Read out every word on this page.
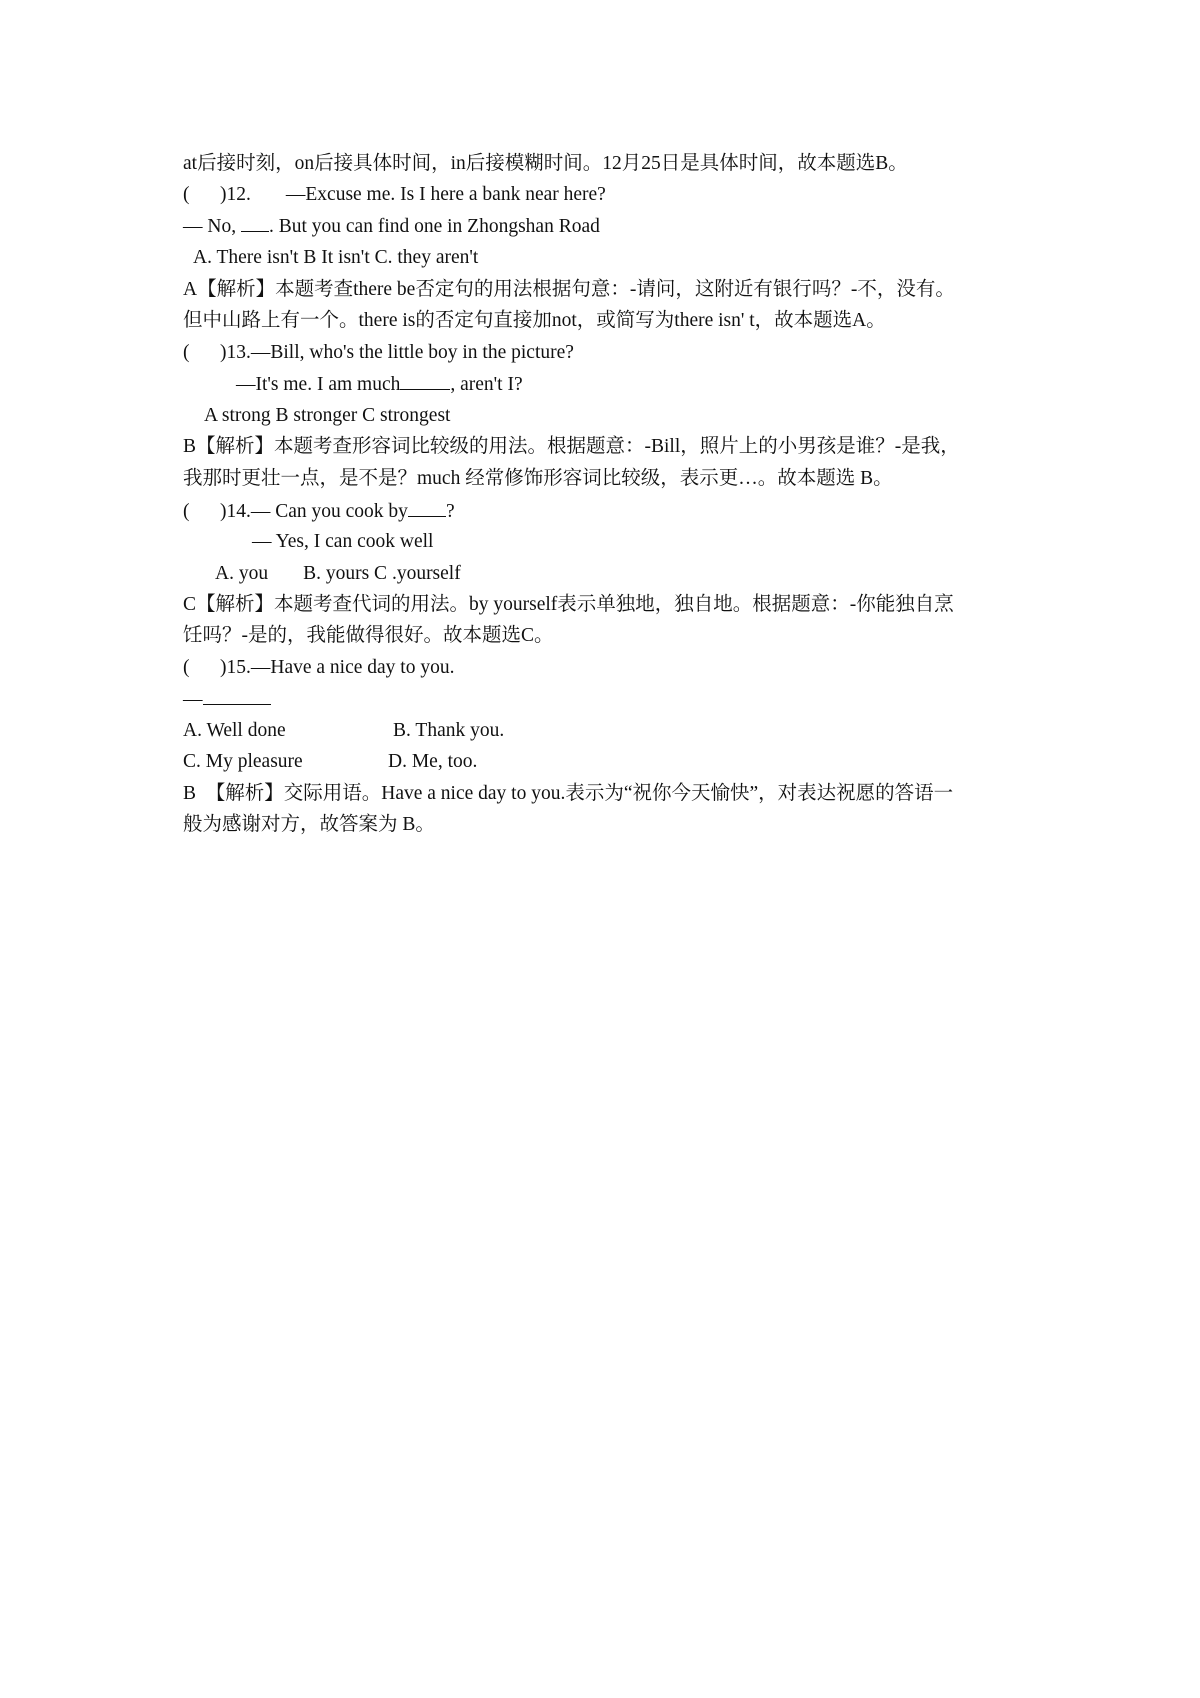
at后接时刻，on后接具体时间，in后接模糊时间。12月25日是具体时间，故本题选B。
( )12. —Excuse me. Is I here a bank near here?
— No, . But you can find one in Zhongshan Road
A. There isn't B It isn't C. they aren't
A【解析】本题考查there be否定句的用法根据句意：-请问，这附近有银行吗？-不，没有。
但中山路上有一个。there is的否定句直接加not，或简写为there isn' t，故本题选A。
( )13.—Bill, who's the little boy in the picture?
—It's me. I am much	, aren't I?
A strong B stronger C strongest
B【解析】本题考查形容词比较级的用法。根据题意：-Bill，照片上的小男孩是谁？-是我，
我那时更壮一点，是不是？much 经常修饰形容词比较级，表示更…。故本题选 B。
( )14.— Can you cook by ?
— Yes, I can cook well
A. you B. yours C .yourself
C【解析】本题考查代词的用法。by yourself表示单独地，独自地。根据题意：-你能独自烹
饪吗？-是的，我能做得很好。故本题选C。
( )15.—Have a nice day to you.
—
A. Well done	B. Thank you.
C. My pleasure	D. Me, too.
B　【解析】交际用语。Have a nice day to you.表示为“祝你今天愉快”，对表达祝愿的答语一
般为感谢对方，故答案为 B。
